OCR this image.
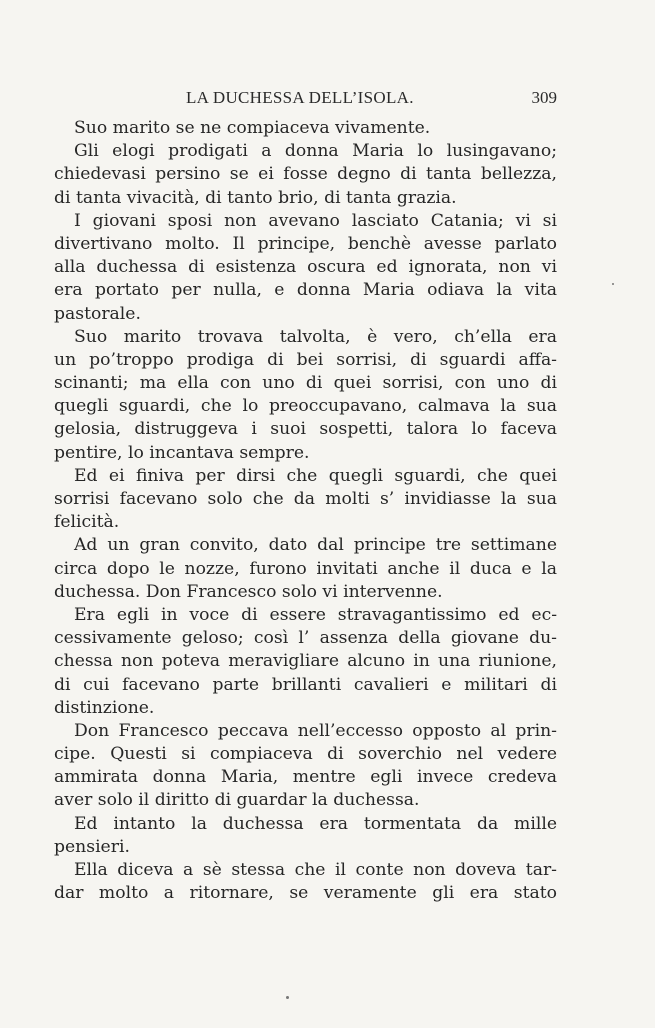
LA DUCHESSA DELL’ISOLA.	309
Suo marito se ne compiaceva vivamente.
Gli elogi prodigati a donna Maria lo lusingavano;
chiedevasi persino se ei fosse degno di tanta bellezza,
di tanta vivacità, di tanto brio, di tanta grazia.
I giovani sposi non avevano lasciato Catania; vi si
divertivano molto. Il principe, benchè avesse parlato
alla duchessa di esistenza oscura ed ignorata, non vi
era portato per nulla, e donna Maria odiava la vita
pastorale.
Suo marito trovava talvolta, è vero, ch’ella era
un po’troppo prodiga di bei sorrisi, di sguardi affa-
scinanti; ma ella con uno di quei sorrisi, con uno di
quegli sguardi, che lo preoccupavano, calmava la sua
gelosia, distruggeva i suoi sospetti, talora lo faceva
pentire, lo incantava sempre.
Ed ei finiva per dirsi che quegli sguardi, che quei
sorrisi facevano solo che da molti s’ invidiasse la sua
felicità.
Ad un gran convito, dato dal principe tre settimane
circa dopo le nozze, furono invitati anche il duca e la
duchessa. Don Francesco solo vi intervenne.
Era egli in voce di essere stravagantissimo ed ec-
cessivamente geloso; così l’ assenza della giovane du-
chessa non poteva meravigliare alcuno in una riunione,
di cui facevano parte brillanti cavalieri e militari di
distinzione.
Don Francesco peccava nell’eccesso opposto al prin-
cipe. Questi si compiaceva di soverchio nel vedere
ammirata donna Maria, mentre egli invece credeva
aver solo il diritto di guardar la duchessa.
Ed intanto la duchessa era tormentata da mille
pensieri.
Ella diceva a sè stessa che il conte non doveva tar-
dar molto a ritornare, se veramente gli era stato
